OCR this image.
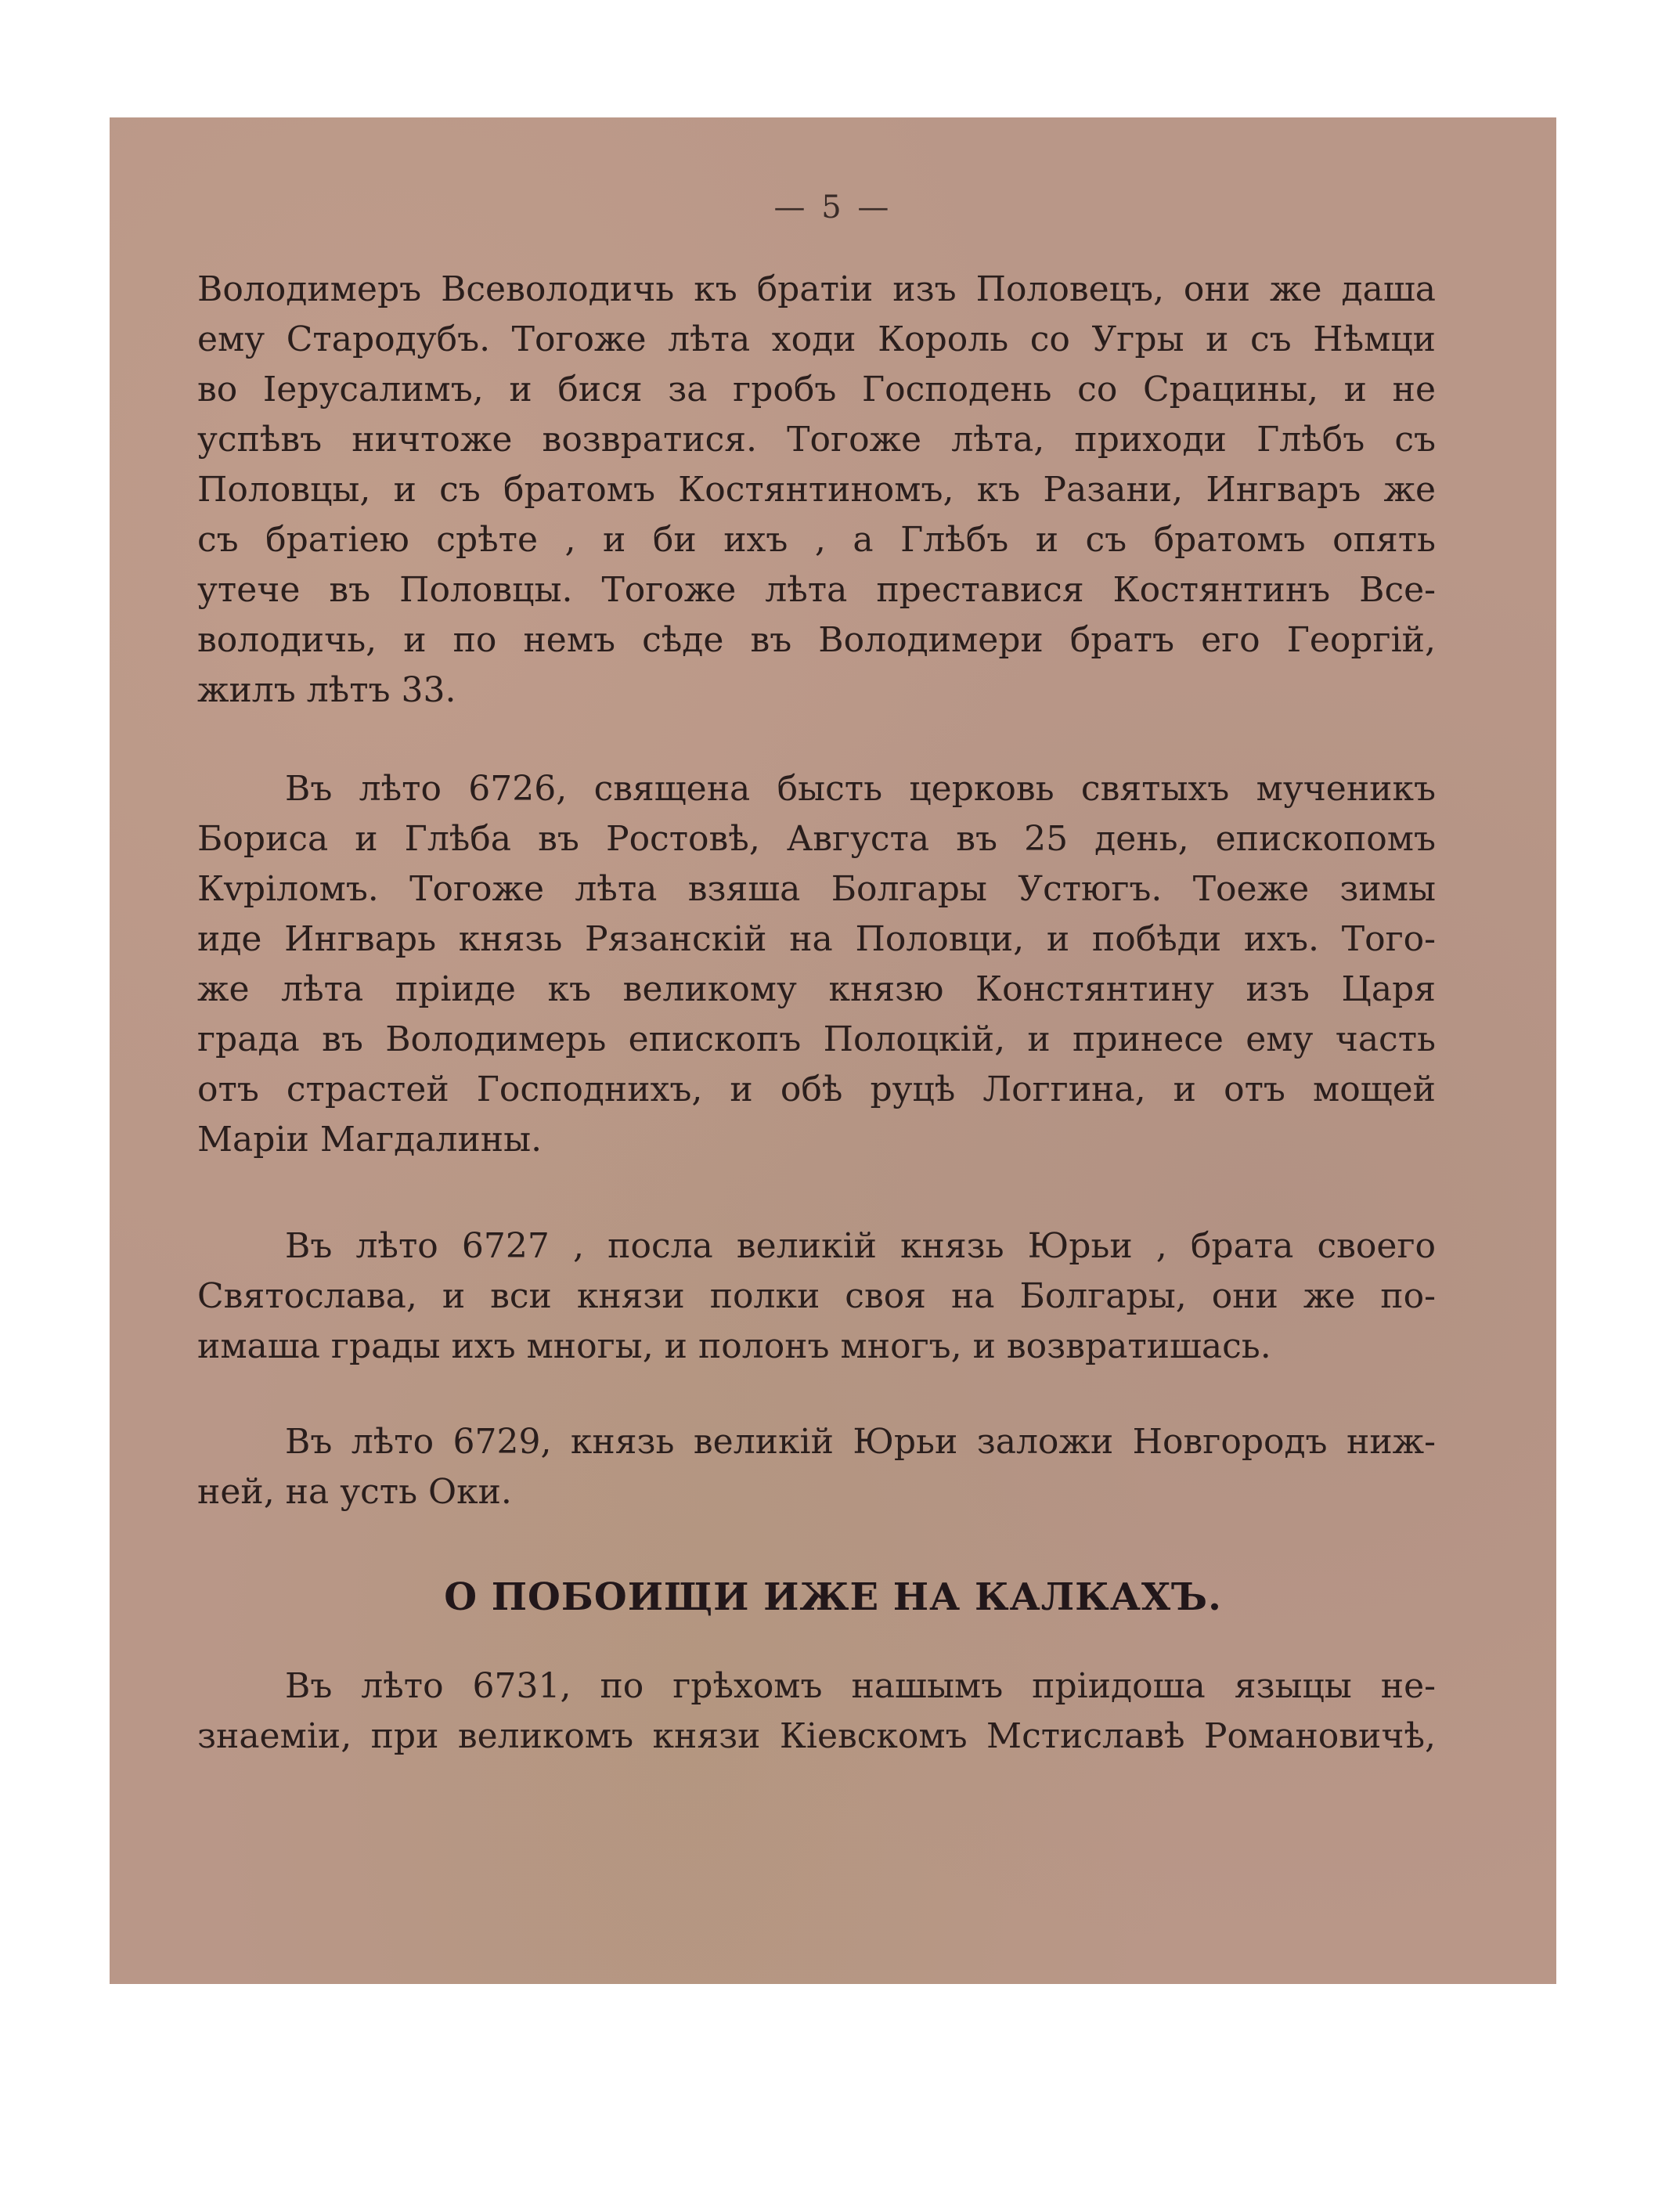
— 5 —
Володимеръ Всеволодичь къ братіи изъ Половецъ, они же даша
ему Стародубъ. Тогоже лѣта ходи Король со Угры и съ Нѣмци
во Іерусалимъ, и бися за гробъ Господень со Срацины, и не
успѣвъ ничтоже возвратися. Тогоже лѣта, приходи Глѣбъ съ
Половцы, и съ братомъ Костянтиномъ, къ Разани, Ингваръ же
съ братіею срѣте , и би ихъ , а Глѣбъ и съ братомъ опять
утече въ Половцы. Тогоже лѣта преставися Костянтинъ Все-
володичь, и по немъ сѣде въ Володимери братъ его Георгій,
жилъ лѣтъ 33.
Въ лѣто 6726, священа бысть церковь святыхъ мученикъ
Бориса и Глѣба въ Ростовѣ, Августа въ 25 день, епископомъ
Кvріломъ. Тогоже лѣта взяша Болгары Устюгъ. Тоеже зимы
иде Ингварь князь Рязанскій на Половци, и побѣди ихъ. Того-
же лѣта пріиде къ великому князю Констянтину изъ Царя
града въ Володимерь епископъ Полоцкій, и принесе ему часть
отъ страстей Господнихъ, и обѣ руцѣ Логгина, и отъ мощей
Маріи Магдалины.
Въ лѣто 6727 , посла великій князь Юрьи , брата своего
Святослава, и вси князи полки своя на Болгары, они же по-
имаша грады ихъ многы, и полонъ многъ, и возвратишась.
Въ лѣто 6729, князь великій Юрьи заложи Новгородъ ниж-
ней, на усть Оки.
О ПОБОИЩИ ИЖЕ НА КАЛКАХЪ.
Въ лѣто 6731, по грѣхомъ нашымъ пріидоша языцы не-
знаеміи, при великомъ князи Кіевскомъ Мстиславѣ Романовичѣ,
